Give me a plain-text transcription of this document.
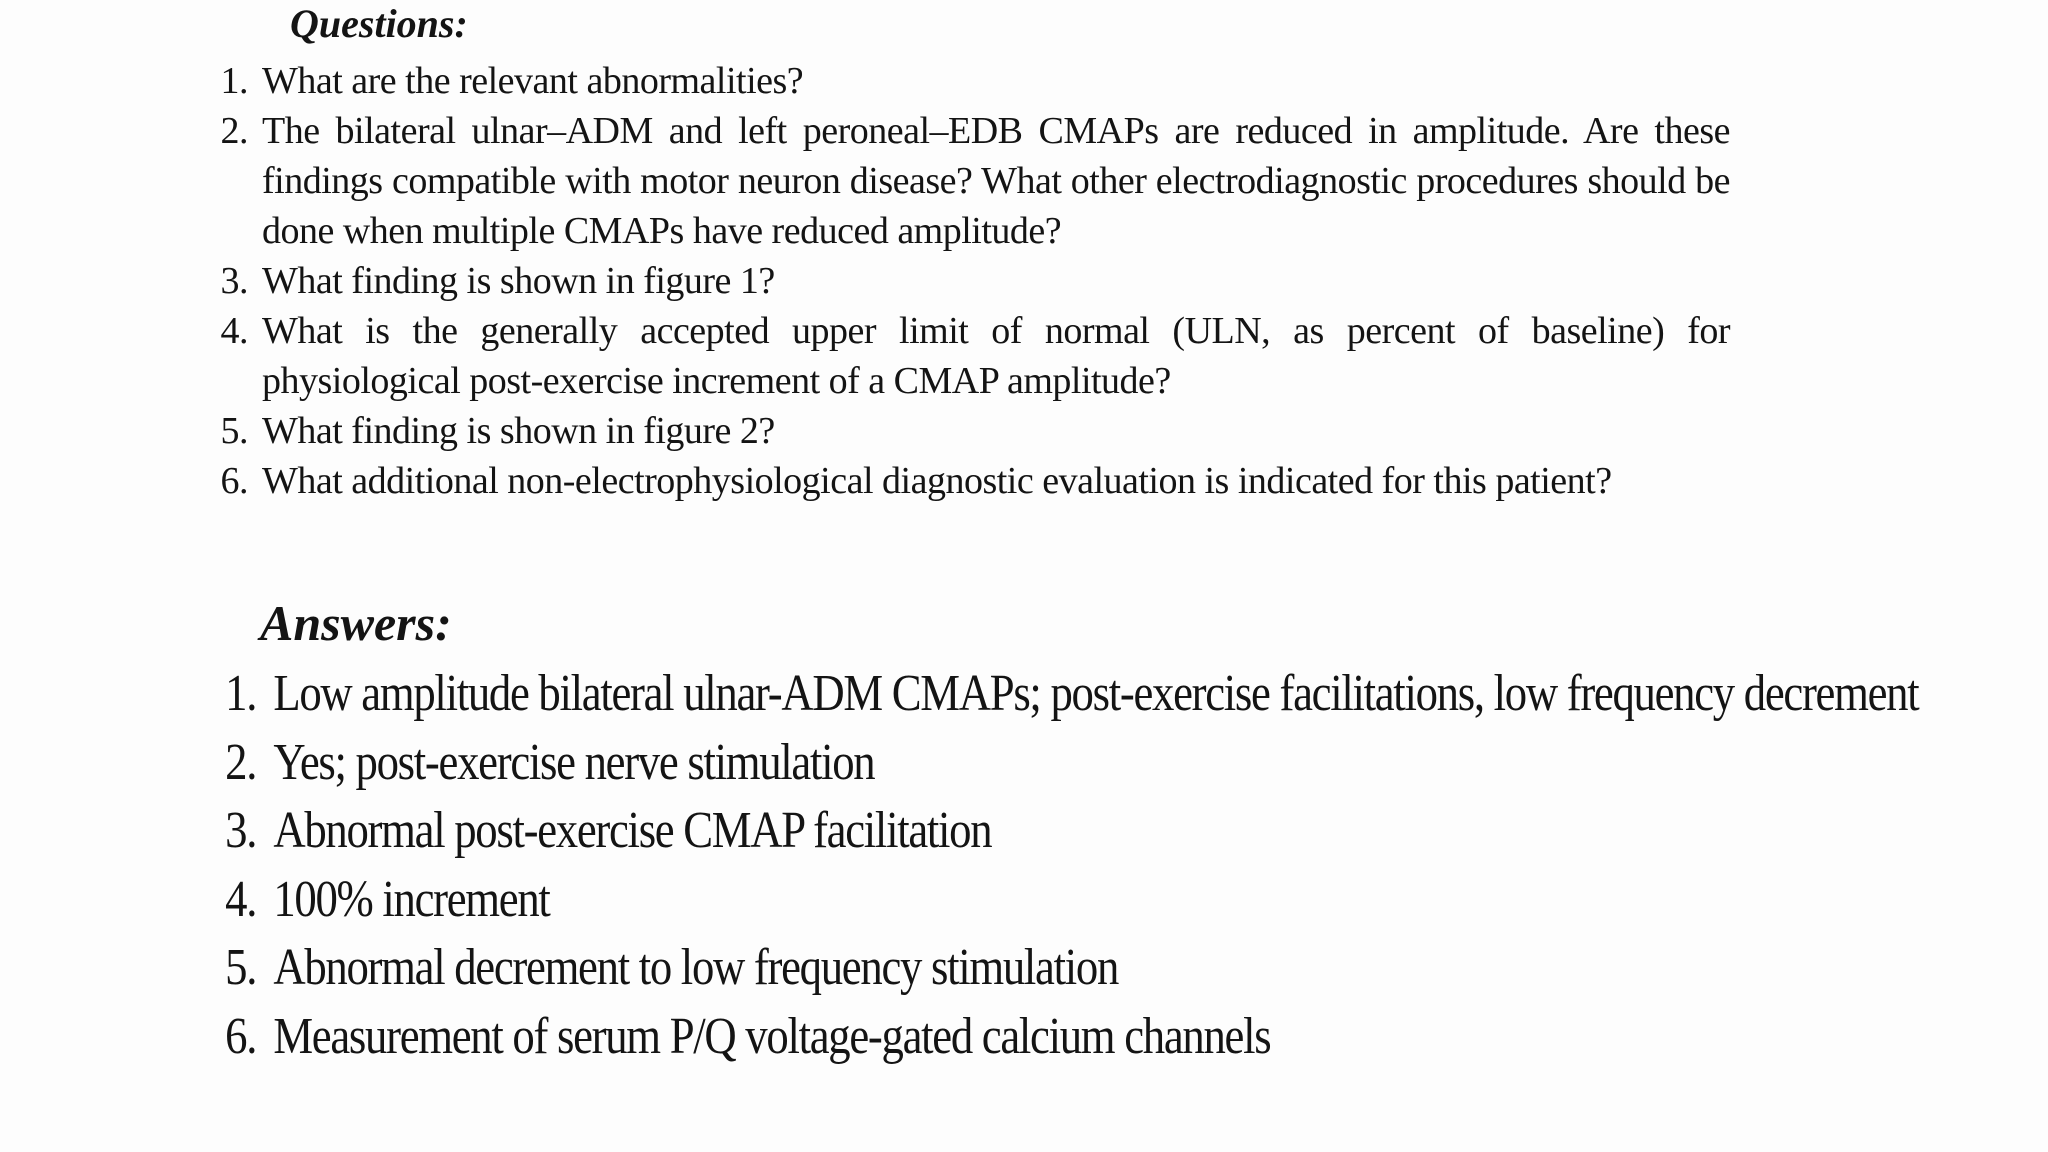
Questions:
1. What are the relevant abnormalities?
2. The bilateral ulnar–ADM and left peroneal–EDB CMAPs are reduced in amplitude. Are these findings compatible with motor neuron disease? What other electrodiagnostic procedures should be done when multiple CMAPs have reduced amplitude?
3. What finding is shown in figure 1?
4. What is the generally accepted upper limit of normal (ULN, as percent of baseline) for physiological post-exercise increment of a CMAP amplitude?
5. What finding is shown in figure 2?
6. What additional non-electrophysiological diagnostic evaluation is indicated for this patient?
Answers:
1. Low amplitude bilateral ulnar-ADM CMAPs; post-exercise facilitations, low frequency decrement
2. Yes; post-exercise nerve stimulation
3. Abnormal post-exercise CMAP facilitation
4. 100% increment
5. Abnormal decrement to low frequency stimulation
6. Measurement of serum P/Q voltage-gated calcium channels
